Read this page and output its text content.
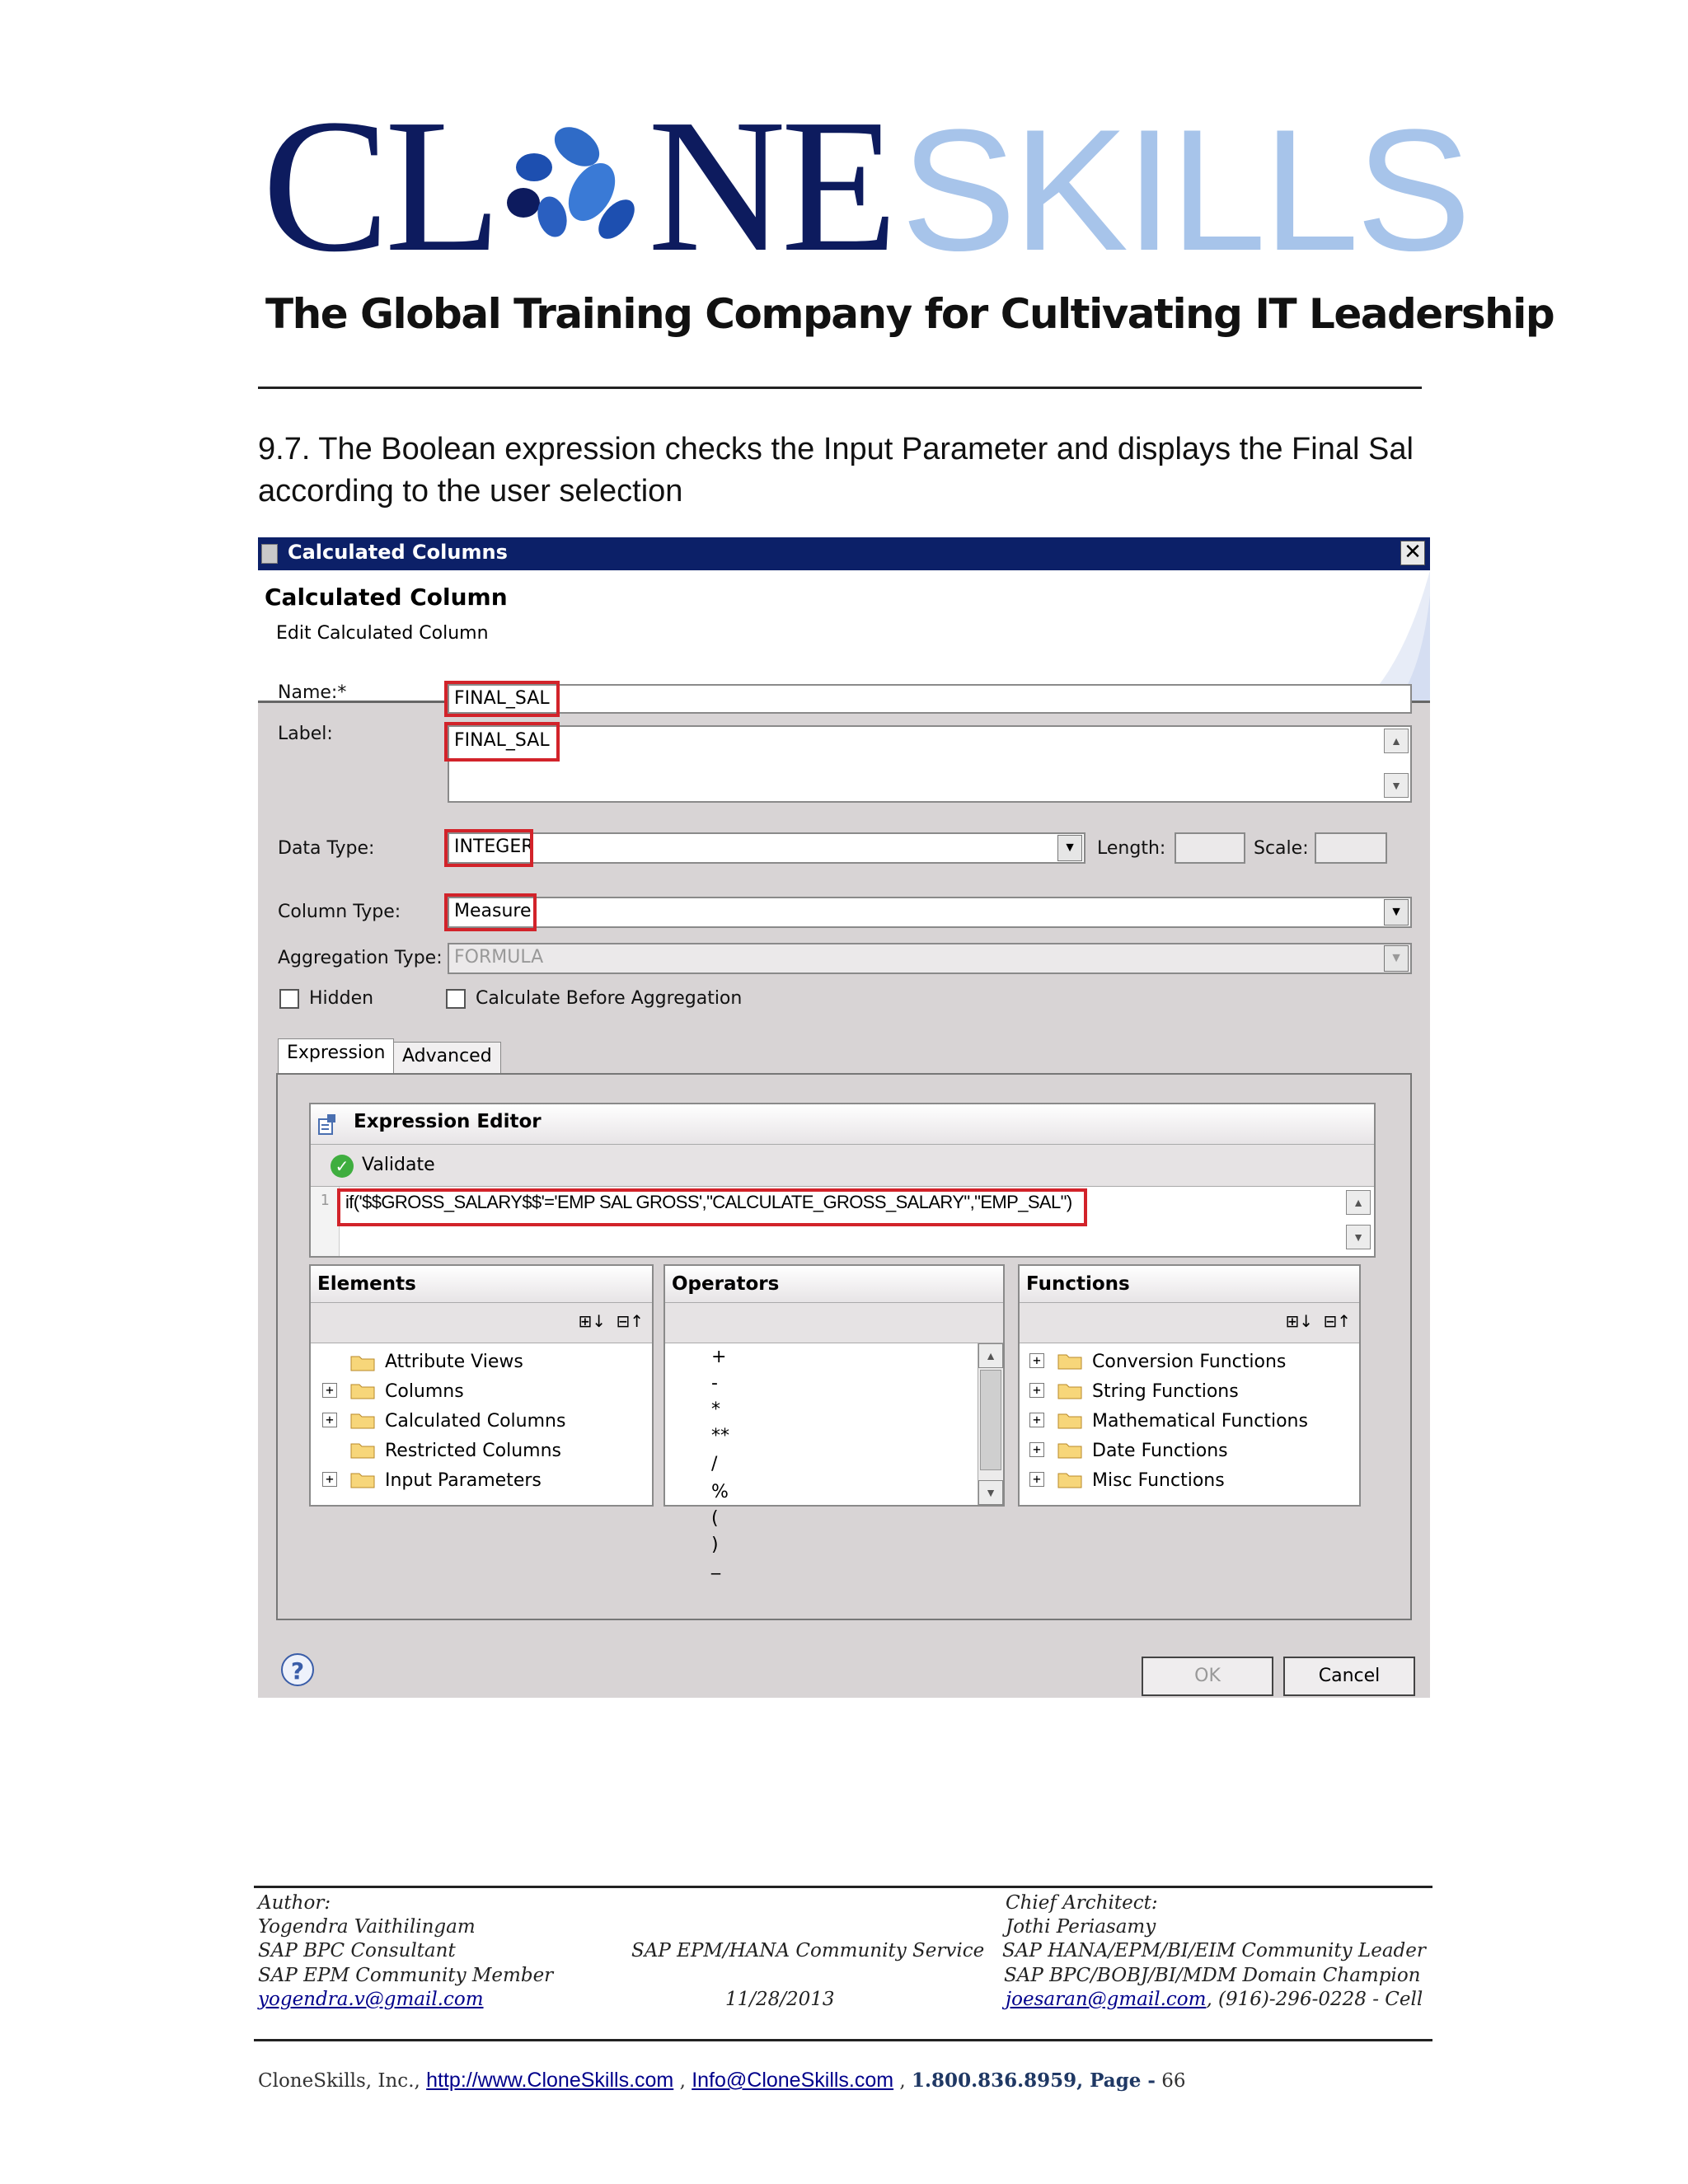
CL NE SKILLS
The Global Training Company for Cultivating IT Leadership
9.7. The Boolean expression checks the Input Parameter and displays the Final Sal according to the user selection
Calculated Columns	✕
Calculated Column
Edit Calculated Column
Name:*	FINAL_SAL
Label:	FINAL_SAL	▲
▼
Data Type:	INTEGER	▼	Length:	Scale:
Column Type:	Measure	▼
Aggregation Type: FORMULA	▼
Hidden	Calculate Before Aggregation
Expression Advanced
Expression Editor
✓ Validate
1 if('$$GROSS_SALARY$$'='EMP SAL GROSS',"CALCULATE_GROSS_SALARY","EMP_SAL")	▲
▼
Elements
⊞↓ ⊟↑
Attribute Views
+	Columns
+	Calculated Columns
Restricted Columns
+	Input Parameters
Operators
+
-
*
**
/
%
(
)
_
▲
▼
Functions
⊞↓ ⊟↑
+	Conversion Functions
+	String Functions
+	Mathematical Functions
+	Date Functions
+	Misc Functions
?	OK	Cancel
Author:
Yogendra Vaithilingam
SAP BPC Consultant
SAP EPM Community Member
yogendra.v@gmail.com
SAP EPM/HANA Community Service
11/28/2013
Chief Architect:
Jothi Periasamy
SAP HANA/EPM/BI/EIM Community Leader
SAP BPC/BOBJ/BI/MDM Domain Champion
joesaran@gmail.com, (916)-296-0228 - Cell
CloneSkills, Inc., http://www.CloneSkills.com , Info@CloneSkills.com , 1.800.836.8959, Page - 66
